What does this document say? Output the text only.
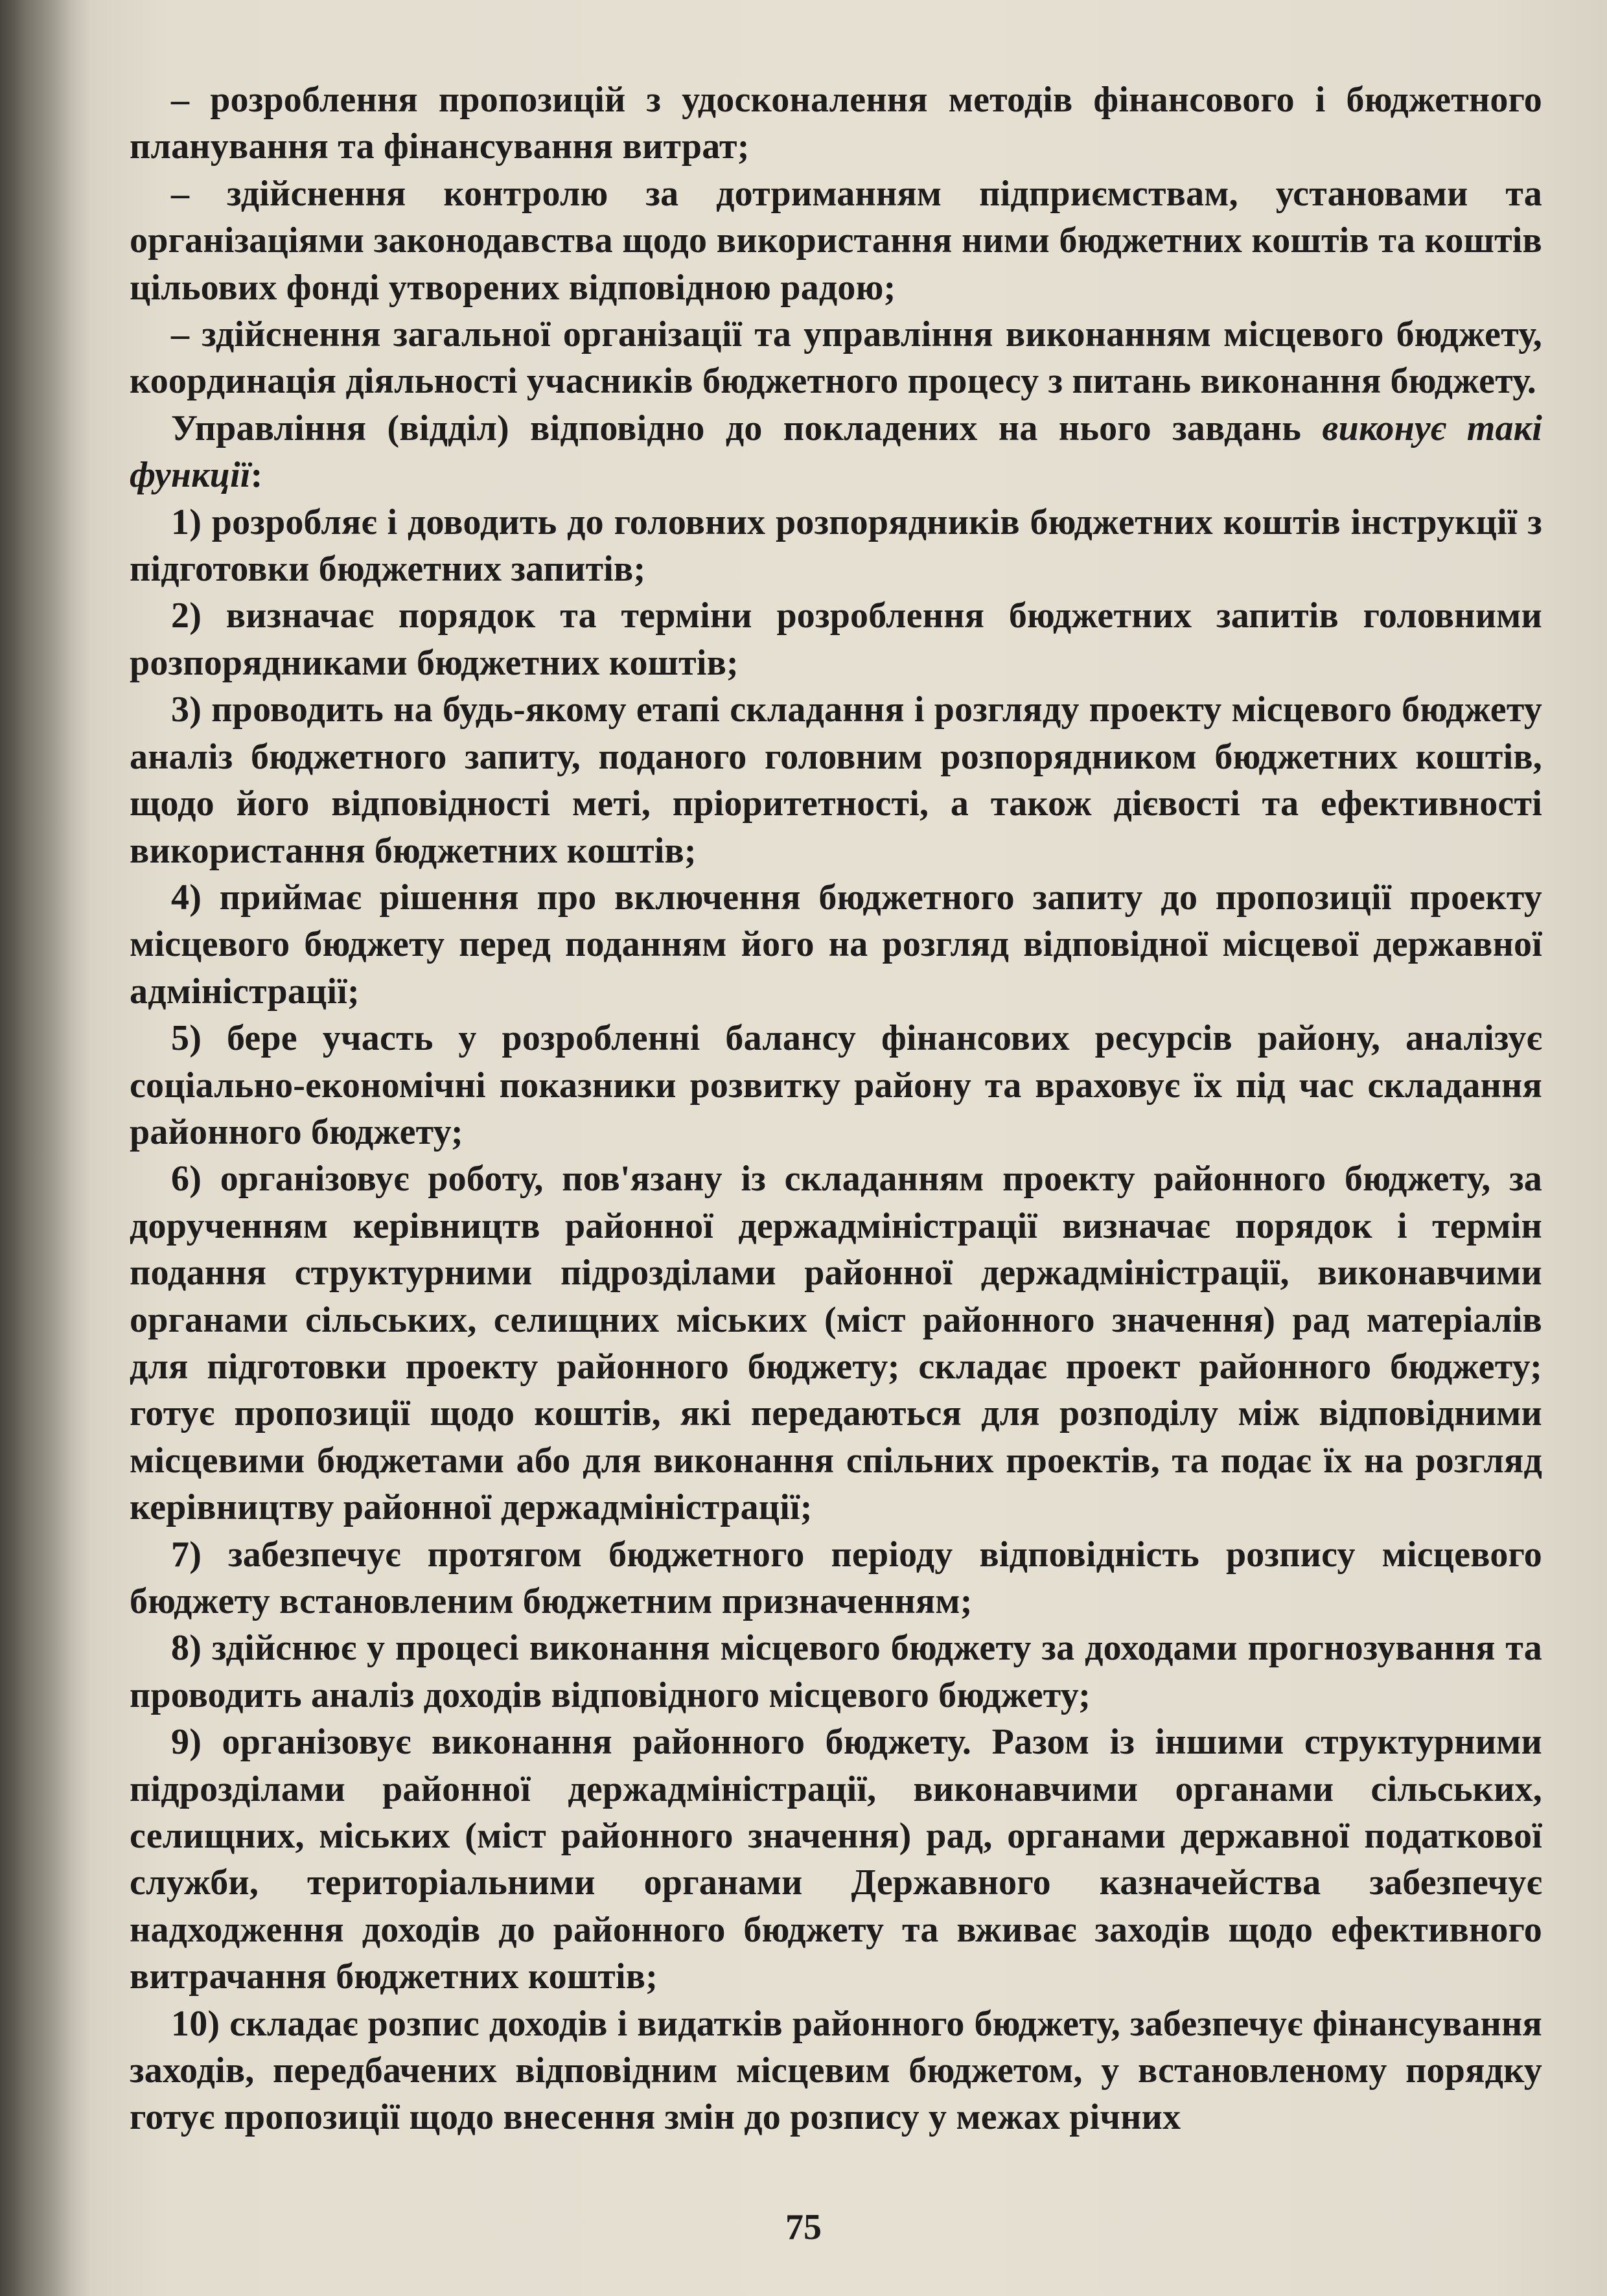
– розроблення пропозицій з удосконалення методів фінансового і бюджетного планування та фінансування витрат;

– здійснення контролю за дотриманням підприємствам, установами та організаціями законодавства щодо використання ними бюджетних коштів та коштів цільових фонді утворених відповідною радою;

– здійснення загальної організації та управління виконанням місцевого бюджету, координація діяльності учасників бюджетного процесу з питань виконання бюджету.

Управління (відділ) відповідно до покладених на нього завдань виконує такі функції:

1) розробляє і доводить до головних розпорядників бюджетних коштів інструкції з підготовки бюджетних запитів;

2) визначає порядок та терміни розроблення бюджетних запитів головними розпорядниками бюджетних коштів;

3) проводить на будь-якому етапі складання і розгляду проекту місцевого бюджету аналіз бюджетного запиту, поданого головним розпорядником бюджетних коштів, щодо його відповідності меті, пріоритетності, а також дієвості та ефективності використання бюджетних коштів;

4) приймає рішення про включення бюджетного запиту до пропозиції проекту місцевого бюджету перед поданням його на розгляд відповідної місцевої державної адміністрації;

5) бере участь у розробленні балансу фінансових ресурсів району, аналізує соціально-економічні показники розвитку району та враховує їх під час складання районного бюджету;

6) організовує роботу, пов'язану із складанням проекту районного бюджету, за дорученням керівництв районної держадміністрації визначає порядок і термін подання структурними підрозділами районної держадміністрації, виконавчими органами сільських, селищних міських (міст районного значення) рад матеріалів для підготовки проекту районного бюджету; складає проект районного бюджету; готує пропозиції щодо коштів, які передаються для розподілу між відповідними місцевими бюджетами або для виконання спільних проектів, та подає їх на розгляд керівництву районної держадміністрації;

7) забезпечує протягом бюджетного періоду відповідність розпису місцевого бюджету встановленим бюджетним призначенням;

8) здійснює у процесі виконання місцевого бюджету за доходами прогнозування та проводить аналіз доходів відповідного місцевого бюджету;

9) організовує виконання районного бюджету. Разом із іншими структурними підрозділами районної держадміністрації, виконавчими органами сільських, селищних, міських (міст районного значення) рад, органами державної податкової служби, територіальними органами Державного казначейства забезпечує надходження доходів до районного бюджету та вживає заходів щодо ефективного витрачання бюджетних коштів;

10) складає розпис доходів і видатків районного бюджету, забезпечує фінансування заходів, передбачених відповідним місцевим бюджетом, у встановленому порядку готує пропозиції щодо внесення змін до розпису у межах річних

75
